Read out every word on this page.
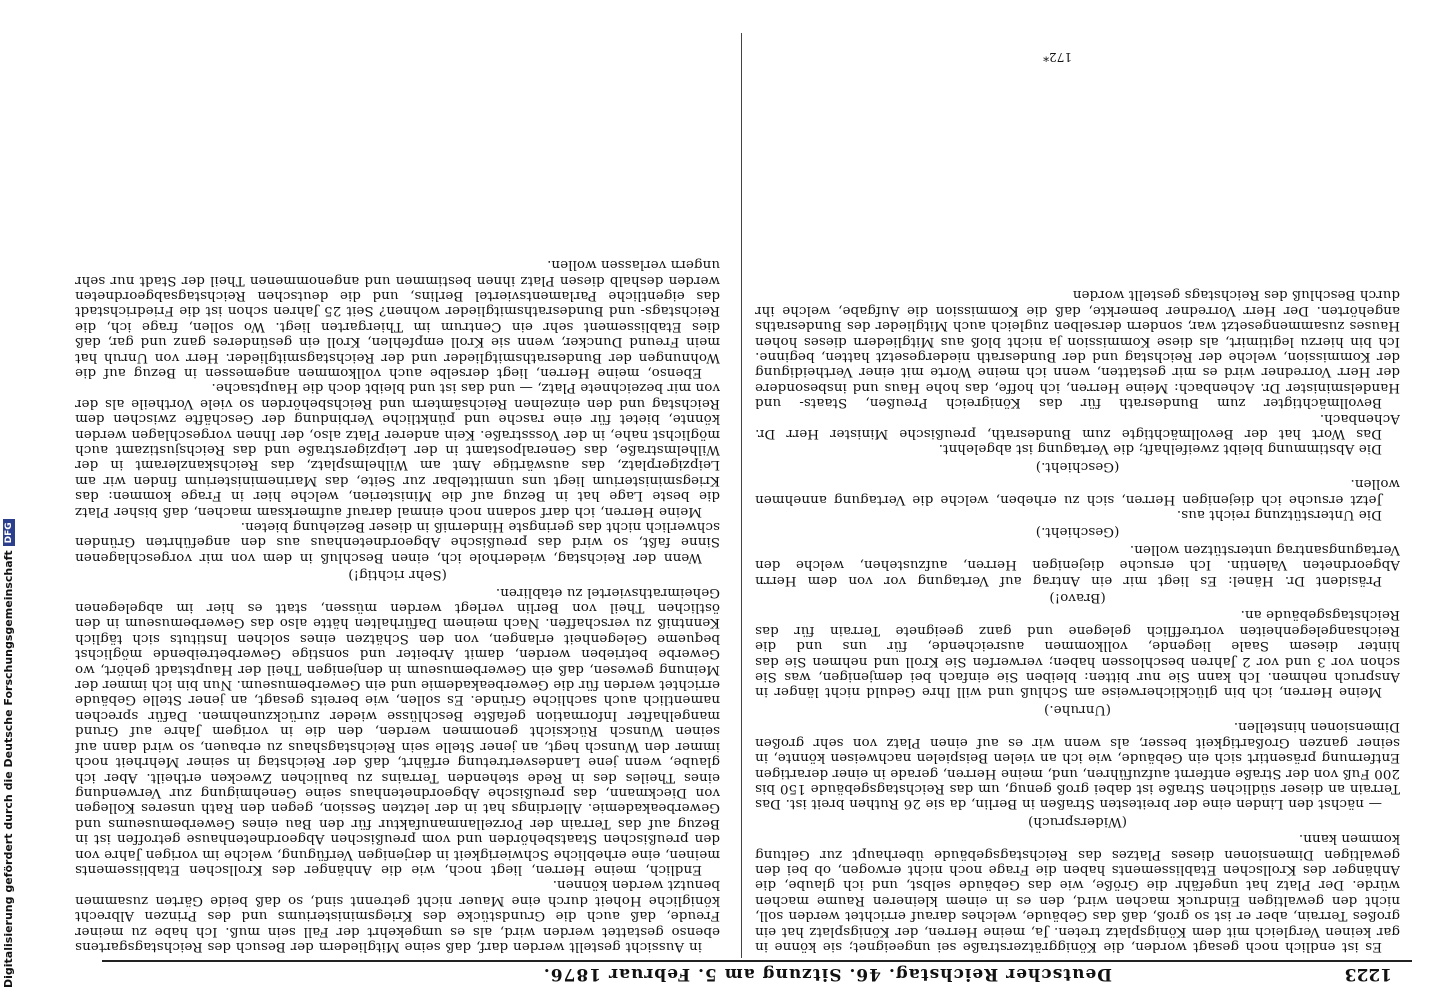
1223
Deutscher Reichstag. 46. Sitzung am 5. Februar 1876.

Es ist endlich noch gesagt worden, die Königgrätzerstraße sei ungeeignet; sie könne in gar keinen Vergleich mit dem Königsplatz treten. Ja, meine Herren, der Königsplatz hat ein großes Terrain, aber er ist so groß, daß das Gebäude, welches darauf errichtet werden soll, nicht den gewaltigen Eindruck machen wird, den es in einem kleineren Raume machen würde. Der Platz hat ungefähr die Größe, wie das Gebäude selbst, und ich glaube, die Anhänger des Krollschen Etablissements haben die Frage noch nicht erwogen, ob bei den gewaltigen Dimensionen dieses Platzes das Reichstagsgebäude überhaupt zur Geltung kommen kann.

(Widerspruch)

— nächst den Linden eine der breitesten Straßen in Berlin, da sie 26 Ruthen breit ist. Das Terrain an dieser südlichen Straße ist dabei groß genug, um das Reichstagsgebäude 150 bis 200 Fuß von der Straße entfernt aufzuführen, und, meine Herren, gerade in einer derartigen Entfernung präsentirt sich ein Gebäude, wie ich an vielen Beispielen nachweisen könnte, in seiner ganzen Großartigkeit besser, als wenn wir es auf einen Platz von sehr großen Dimensionen hinstellen.

(Unruhe.)

Meine Herren, ich bin glücklicherweise am Schluß und will Ihre Geduld nicht länger in Anspruch nehmen. Ich kann Sie nur bitten: bleiben Sie einfach bei demjenigen, was Sie schon vor 3 und vor 2 Jahren beschlossen haben; verwerfen Sie Kroll und nehmen Sie das hinter diesem Saale liegende, vollkommen ausreichende, für uns und die Reichsangelegenheiten vortrefflich gelegene und ganz geeignete Terrain für das Reichstagsgebäude an.

(Bravo!)

Präsident Dr. Hänel: Es liegt mir ein Antrag auf Vertagung vor von dem Herrn Abgeordneten Valentin. Ich ersuche diejenigen Herren, aufzustehen, welche den Vertagungsantrag unterstützen wollen.

(Geschieht.)

Die Unterstützung reicht aus.

Jetzt ersuche ich diejenigen Herren, sich zu erheben, welche die Vertagung annehmen wollen.

(Geschieht.)

Die Abstimmung bleibt zweifelhaft; die Vertagung ist abgelehnt.

Das Wort hat der Bevollmächtigte zum Bundesrath, preußische Minister Herr Dr. Achenbach.

Bevollmächtigter zum Bundesrath für das Königreich Preußen, Staats- und Handelsminister Dr. Achenbach: Meine Herren, ich hoffe, das hohe Haus und insbesondere der Herr Vorredner wird es mir gestatten, wenn ich meine Worte mit einer Vertheidigung der Kommission, welche der Reichstag und der Bundesrath niedergesetzt hatten, beginne. Ich bin hierzu legitimirt, als diese Kommission ja nicht bloß aus Mitgliedern dieses hohen Hauses zusammengesetzt war, sondern derselben zugleich auch Mitglieder des Bundesraths angehörten. Der Herr Vorredner bemerkte, daß die Kommission die Aufgabe, welche ihr durch Beschluß des Reichstags gestellt worden

in Aussicht gestellt werden darf, daß seine Mitgliedern der Besuch des Reichstagsgartens ebenso gestattet werden wird, als es umgekehrt der Fall sein muß. Ich habe zu meiner Freude, daß auch die Grundstücke des Kriegsministeriums und des Prinzen Albrecht königliche Hoheit durch eine Mauer nicht getrennt sind, so daß beide Gärten zusammen benutzt werden können.

Endlich, meine Herren, liegt noch, wie die Anhänger des Krollschen Etablissements meinen, eine erhebliche Schwierigkeit in derjenigen Verfügung, welche im vorigen Jahre von den preußischen Staatsbehörden und vom preußischen Abgeordnetenhause getroffen ist in Bezug auf das Terrain der Porzellanmanufaktur für den Bau eines Gewerbemuseums und Gewerbeakademie. Allerdings hat in der letzten Session, gegen den Rath unseres Kollegen von Dieckmann, das preußische Abgeordnetenhaus seine Genehmigung zur Verwendung eines Theiles des in Rede stehenden Terrains zu baulichen Zwecken ertheilt. Aber ich glaube, wenn jene Landesvertretung erfährt, daß der Reichstag in seiner Mehrheit noch immer den Wunsch hegt, an jener Stelle sein Reichstagshaus zu erbauen, so wird dann auf seinen Wunsch Rücksicht genommen werden, den die in vorigem Jahre auf Grund mangelhafter Information gefaßte Beschlüsse wieder zurückzunehmen. Dafür sprechen namentlich auch sachliche Gründe. Es sollen, wie bereits gesagt, an jener Stelle Gebäude errichtet werden für die Gewerbeakademie und ein Gewerbemuseum. Nun bin ich immer der Meinung gewesen, daß ein Gewerbemuseum in denjenigen Theil der Hauptstadt gehört, wo Gewerbe betrieben werden, damit Arbeiter und sonstige Gewerbetreibende möglichst bequeme Gelegenheit erlangen, von den Schätzen eines solchen Instituts sich täglich Kenntniß zu verschaffen. Nach meinem Dafürhalten hätte also das Gewerbemuseum in den östlichen Theil von Berlin verlegt werden müssen, statt es hier im abgelegenen Geheimrathsviertel zu etabliren.

(Sehr richtig!)

Wenn der Reichstag, wiederhole ich, einen Beschluß in dem von mir vorgeschlagenen Sinne faßt, so wird das preußische Abgeordnetenhaus aus den angeführten Gründen schwerlich nicht das geringste Hinderniß in dieser Beziehung bieten.

Meine Herren, ich darf sodann noch einmal darauf aufmerksam machen, daß bisher Platz die beste Lage hat in Bezug auf die Ministerien, welche hier in Frage kommen: das Kriegsministerium liegt uns unmittelbar zur Seite, das Marineministerium finden wir am Leipzigerplatz, das auswärtige Amt am Wilhelmsplatz, das Reichskanzleramt in der Wilhelmstraße, das Generalpostamt in der Leipzigerstraße und das Reichsjustizamt auch möglichst nahe, in der Vossstraße. Kein anderer Platz also, der Ihnen vorgeschlagen werden könnte, bietet für eine rasche und pünktliche Verbindung der Geschäfte zwischen dem Reichstag und den einzelnen Reichsämtern und Reichsbehörden so viele Vortheile als der von mir bezeichnete Platz, — und das ist und bleibt doch die Hauptsache.

Ebenso, meine Herren, liegt derselbe auch vollkommen angemessen in Bezug auf die Wohnungen der Bundesrathsmitglieder und der Reichstagsmitglieder. Herr von Unruh hat mein Freund Duncker, wenn sie Kroll empfehlen, Kroll ein gesünderes ganz und gar, daß dies Etablissement sehr ein Centrum im Thiergarten liegt. Wo sollen, frage ich, die Reichstags- und Bundesrathsmitglieder wohnen? Seit 25 Jahren schon ist die Friedrichstadt das eigentliche Parlamentsviertel Berlins, und die deutschen Reichstagsabgeordneten werden deshalb diesen Platz ihnen bestimmen und angenommenen Theil der Stadt nur sehr ungern verlassen wollen.

172*
Digitalisierung gefördert durch die Deutsche Forschungsgemeinschaft
DFG
